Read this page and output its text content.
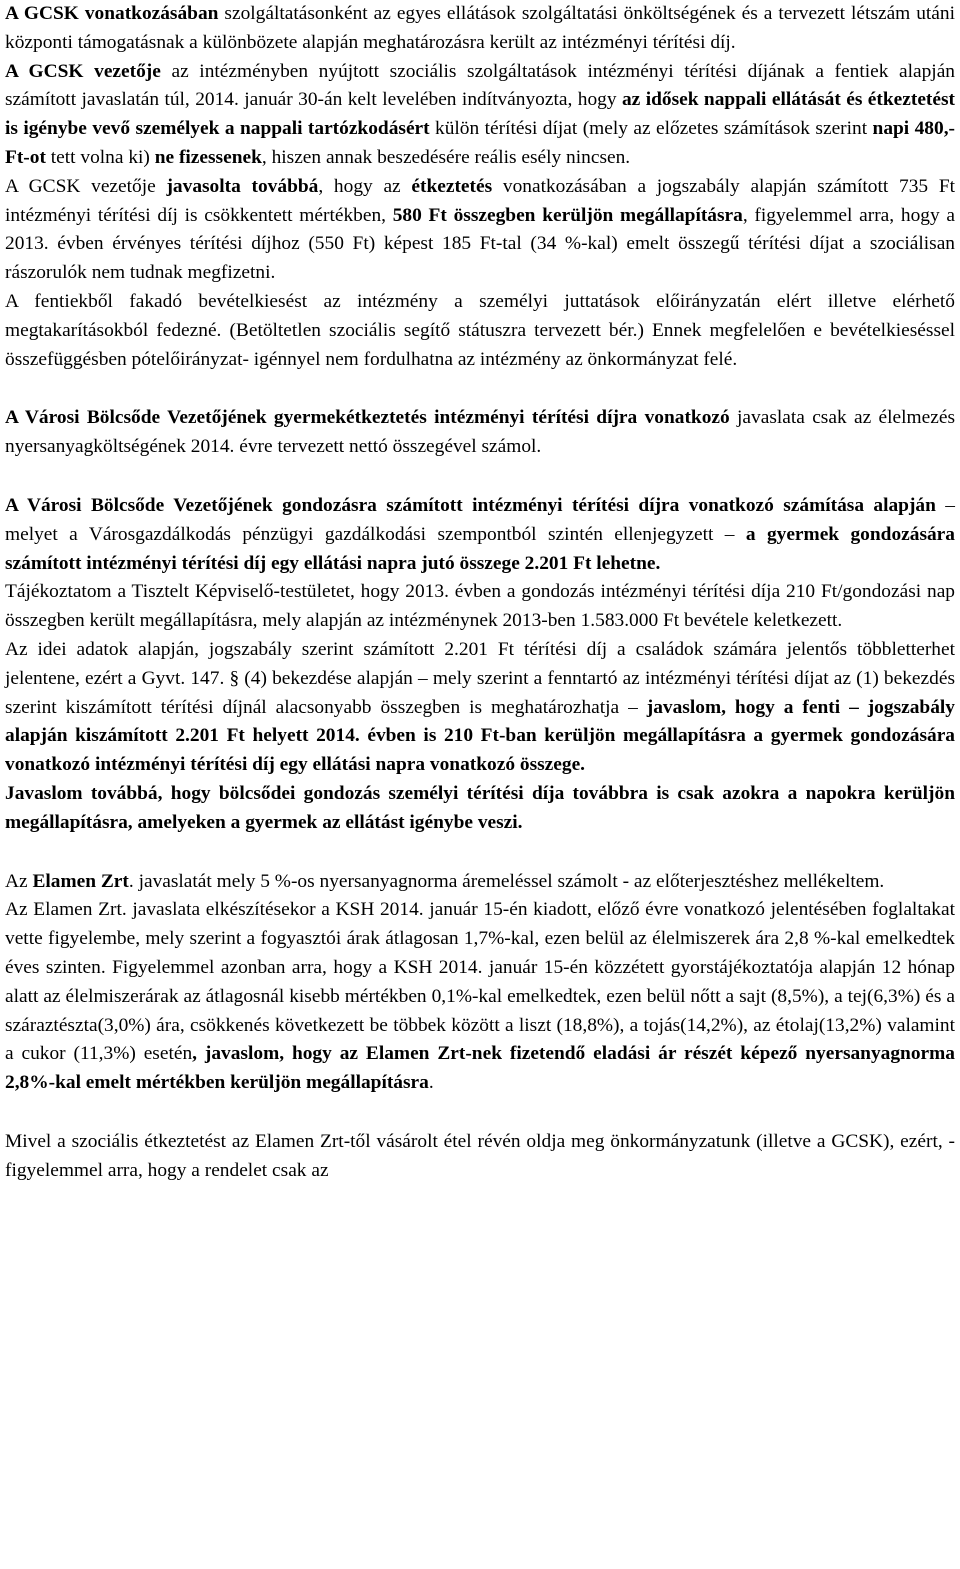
A GCSK vonatkozásában szolgáltatásonként az egyes ellátások szolgáltatási önköltségének és a tervezett létszám utáni központi támogatásnak a különbözete alapján meghatározásra került az intézményi térítési díj.

A GCSK vezetője az intézményben nyújtott szociális szolgáltatások intézményi térítési díjának a fentiek alapján számított javaslatán túl, 2014. január 30-án kelt levelében indítványozta, hogy az idősek nappali ellátását és étkeztetést is igénybe vevő személyek a nappali tartózkodásért külön térítési díjat (mely az előzetes számítások szerint napi 480,- Ft-ot tett volna ki) ne fizessenek, hiszen annak beszedésére reális esély nincsen.

A GCSK vezetője javasolta továbbá, hogy az étkeztetés vonatkozásában a jogszabály alapján számított 735 Ft intézményi térítési díj is csökkentett mértékben, 580 Ft összegben kerüljön megállapításra, figyelemmel arra, hogy a 2013. évben érvényes térítési díjhoz (550 Ft) képest 185 Ft-tal (34 %-kal) emelt összegű térítési díjat a szociálisan rászorulók nem tudnak megfizetni.

A fentiekből fakadó bevételkiesést az intézmény a személyi juttatások előirányzatán elért illetve elérhető megtakarításokból fedezné. (Betöltetlen szociális segítő státuszra tervezett bér.) Ennek megfelelően e bevételkieséssel összefüggésben pótelőirányzat- igénnyel nem fordulhatna az intézmény az önkormányzat felé.

A Városi Bölcsőde Vezetőjének gyermekétkeztetés intézményi térítési díjra vonatkozó javaslata csak az élelmezés nyersanyagköltségének 2014. évre tervezett nettó összegével számol.

A Városi Bölcsőde Vezetőjének gondozásra számított intézményi térítési díjra vonatkozó számítása alapján – melyet a Városgazdálkodás pénzügyi gazdálkodási szempontból szintén ellenjegyzett – a gyermek gondozására számított intézményi térítési díj egy ellátási napra jutó összege 2.201 Ft lehetne.

Tájékoztatom a Tisztelt Képviselő-testületet, hogy 2013. évben a gondozás intézményi térítési díja 210 Ft/gondozási nap összegben került megállapításra, mely alapján az intézménynek 2013-ben 1.583.000 Ft bevétele keletkezett.

Az idei adatok alapján, jogszabály szerint számított 2.201 Ft térítési díj a családok számára jelentős többletterhet jelentene, ezért a Gyvt. 147. § (4) bekezdése alapján – mely szerint a fenntartó az intézményi térítési díjat az (1) bekezdés szerint kiszámított térítési díjnál alacsonyabb összegben is meghatározhatja – javaslom, hogy a fenti – jogszabály alapján kiszámított 2.201 Ft helyett 2014. évben is 210 Ft-ban kerüljön megállapításra a gyermek gondozására vonatkozó intézményi térítési díj egy ellátási napra vonatkozó összege.

Javaslom továbbá, hogy bölcsődei gondozás személyi térítési díja továbbra is csak azokra a napokra kerüljön megállapításra, amelyeken a gyermek az ellátást igénybe veszi.

Az Elamen Zrt. javaslatát mely 5 %-os nyersanyagnorma áremeléssel számolt - az előterjesztéshez mellékeltem.

Az Elamen Zrt. javaslata elkészítésekor a KSH 2014. január 15-én kiadott, előző évre vonatkozó jelentésében foglaltakat vette figyelembe, mely szerint a fogyasztói árak átlagosan 1,7%-kal, ezen belül az élelmiszerek ára 2,8 %-kal emelkedtek éves szinten. Figyelemmel azonban arra, hogy a KSH 2014. január 15-én közzétett gyorstájékoztatója alapján 12 hónap alatt az élelmiszerárak az átlagosnál kisebb mértékben 0,1%-kal emelkedtek, ezen belül nőtt a sajt (8,5%), a tej(6,3%) és a száraztészta(3,0%) ára, csökkenés következett be többek között a liszt (18,8%), a tojás(14,2%), az étolaj(13,2%) valamint a cukor (11,3%) esetén, javaslom, hogy az Elamen Zrt-nek fizetendő eladási ár részét képező nyersanyagnorma 2,8%-kal emelt mértékben kerüljön megállapításra.

Mivel a szociális étkeztetést az Elamen Zrt-től vásárolt étel révén oldja meg önkormányzatunk (illetve a GCSK), ezért, - figyelemmel arra, hogy a rendelet csak az
